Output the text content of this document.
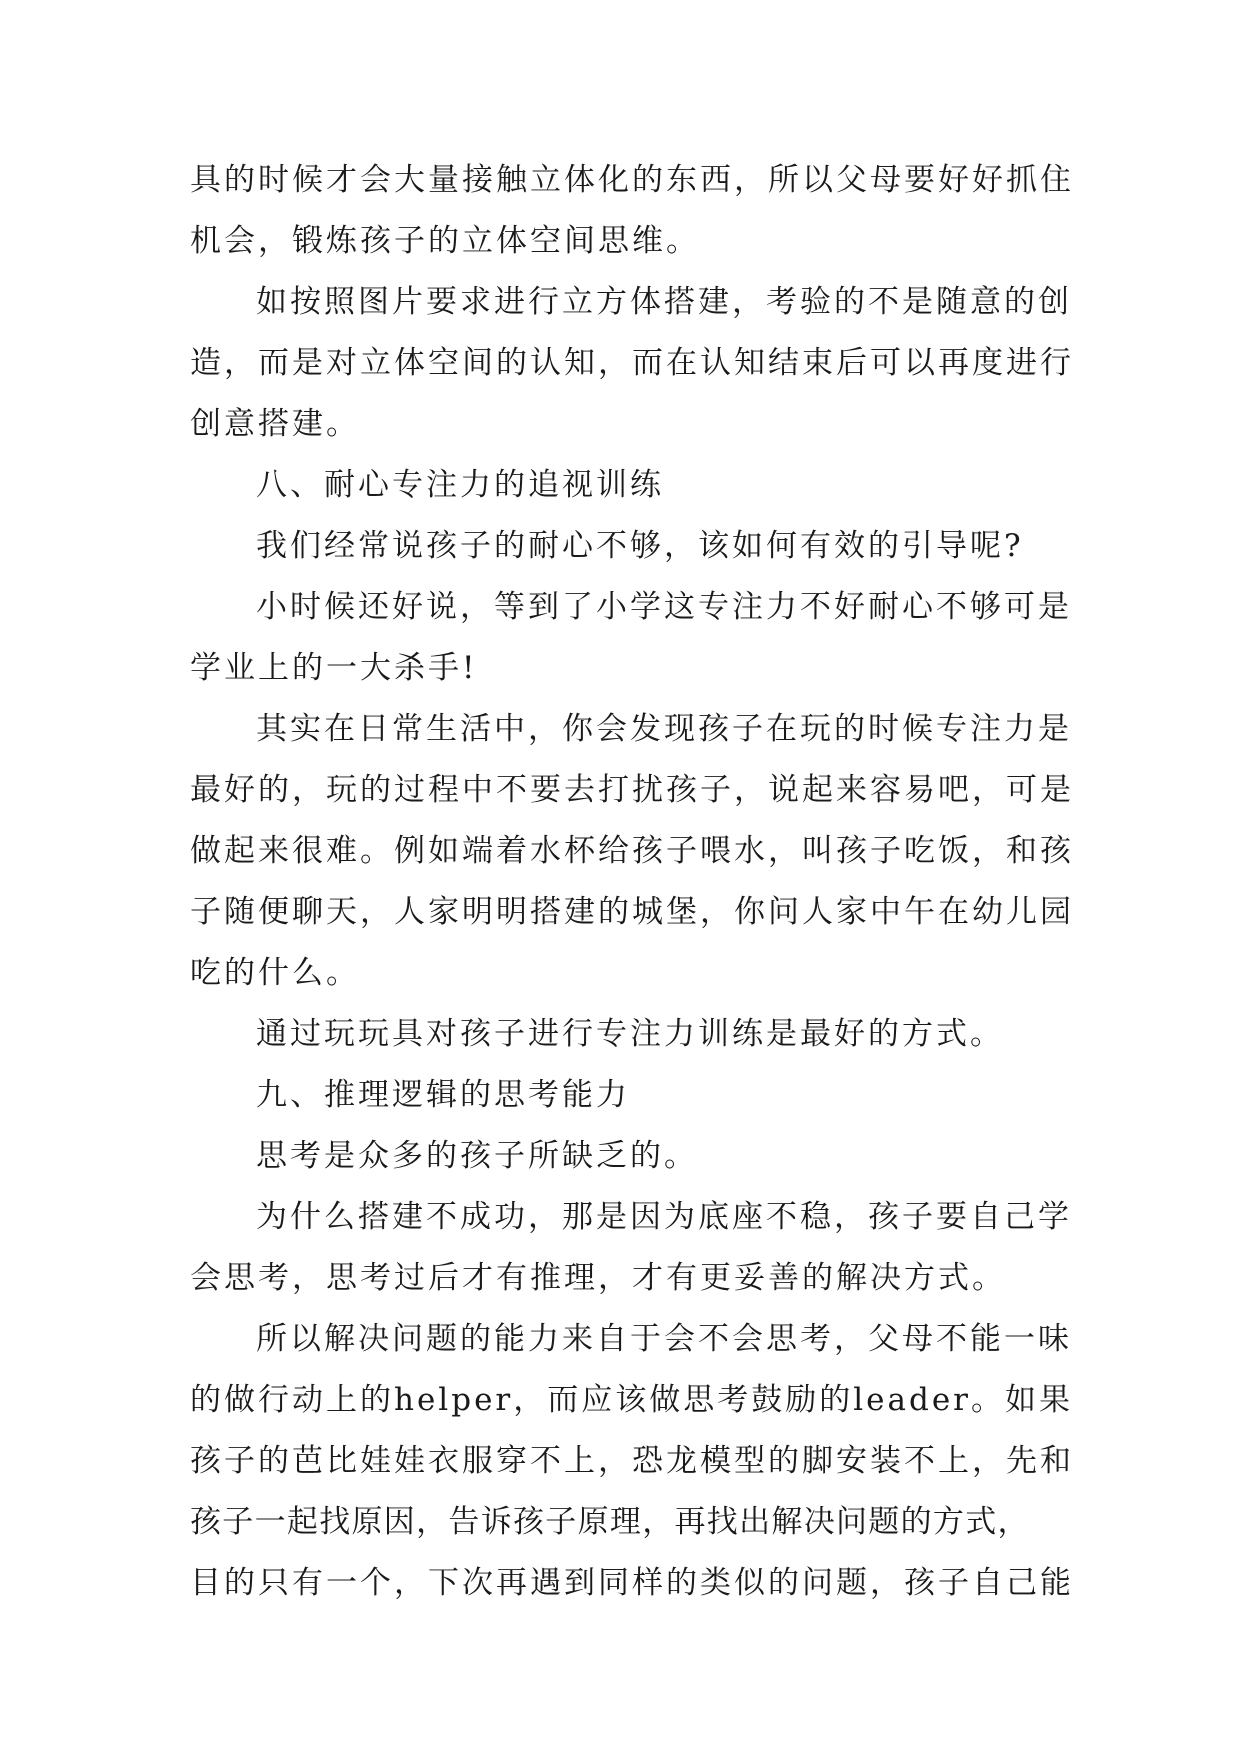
具的时候才会大量接触立体化的东西，所以父母要好好抓住
机会，锻炼孩子的立体空间思维。
如按照图片要求进行立方体搭建，考验的不是随意的创
造，而是对立体空间的认知，而在认知结束后可以再度进行
创意搭建。
八、耐心专注力的追视训练
我们经常说孩子的耐心不够，该如何有效的引导呢?
小时候还好说，等到了小学这专注力不好耐心不够可是
学业上的一大杀手!
其实在日常生活中，你会发现孩子在玩的时候专注力是
最好的，玩的过程中不要去打扰孩子，说起来容易吧，可是
做起来很难。例如端着水杯给孩子喂水，叫孩子吃饭，和孩
子随便聊天，人家明明搭建的城堡，你问人家中午在幼儿园
吃的什么。
通过玩玩具对孩子进行专注力训练是最好的方式。
九、推理逻辑的思考能力
思考是众多的孩子所缺乏的。
为什么搭建不成功，那是因为底座不稳，孩子要自己学
会思考，思考过后才有推理，才有更妥善的解决方式。
所以解决问题的能力来自于会不会思考，父母不能一味
的做行动上的helper，而应该做思考鼓励的leader。如果
孩子的芭比娃娃衣服穿不上，恐龙模型的脚安装不上，先和
孩子一起找原因，告诉孩子原理，再找出解决问题的方式，
目的只有一个，下次再遇到同样的类似的问题，孩子自己能
